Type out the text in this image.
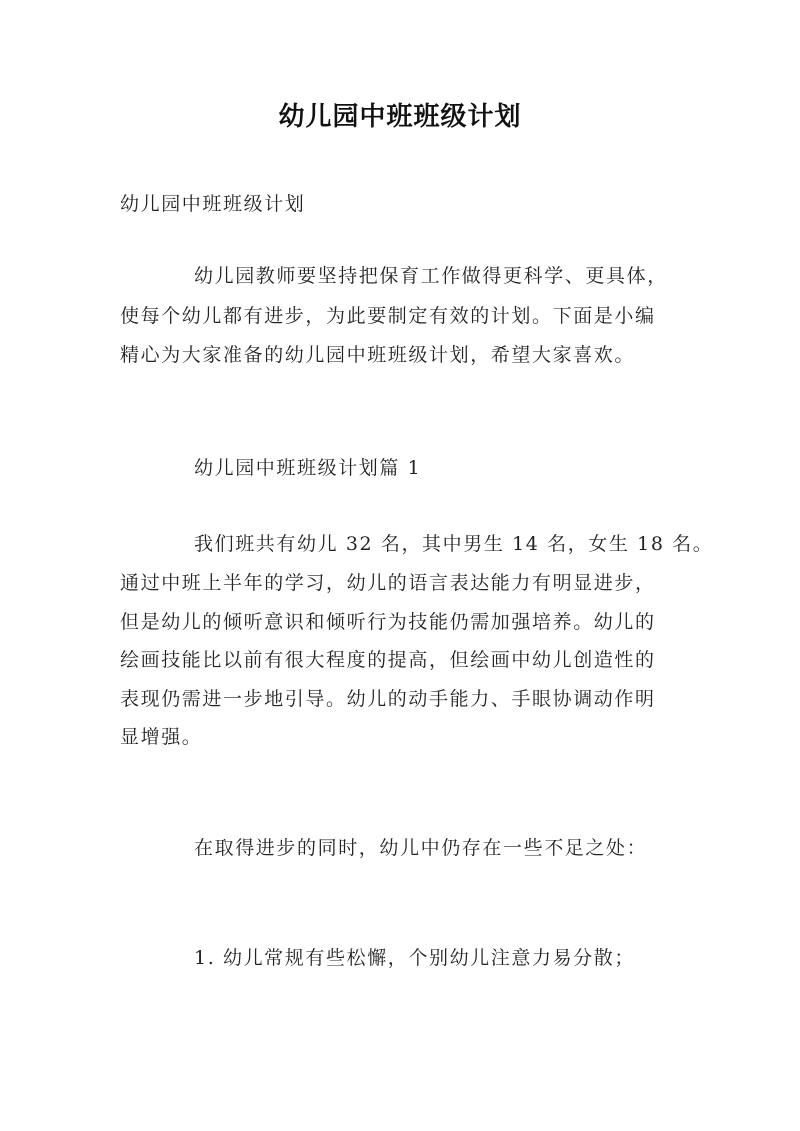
幼儿园中班班级计划
幼儿园中班班级计划
幼儿园教师要坚持把保育工作做得更科学、更具体，
使每个幼儿都有进步，为此要制定有效的计划。下面是小编
精心为大家准备的幼儿园中班班级计划，希望大家喜欢。
幼儿园中班班级计划篇 1
我们班共有幼儿 32 名，其中男生 14 名，女生 18 名。
通过中班上半年的学习，幼儿的语言表达能力有明显进步，
但是幼儿的倾听意识和倾听行为技能仍需加强培养。幼儿的
绘画技能比以前有很大程度的提高，但绘画中幼儿创造性的
表现仍需进一步地引导。幼儿的动手能力、手眼协调动作明
显增强。
在取得进步的同时，幼儿中仍存在一些不足之处：
1. 幼儿常规有些松懈，个别幼儿注意力易分散；
